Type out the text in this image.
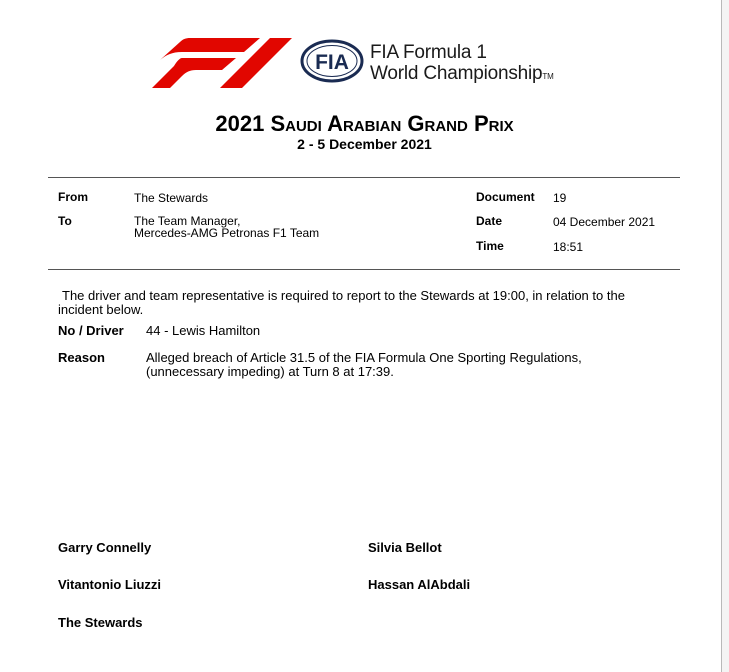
FIA FIA Formula 1
World ChampionshipTM
2021 Saudi Arabian Grand Prix
2 - 5 December 2021
From	The Stewards
To	The Team Manager,
Mercedes-AMG Petronas F1 Team
Document 19
Date	04 December 2021
Time	18:51
The driver and team representative is required to report to the Stewards at 19:00, in relation to the
incident below.
No / Driver 44 - Lewis Hamilton
Reason	Alleged breach of Article 31.5 of the FIA Formula One Sporting Regulations,
(unnecessary impeding) at Turn 8 at 17:39.
Garry Connelly	Silvia Bellot
Vitantonio Liuzzi	Hassan AlAbdali
The Stewards
